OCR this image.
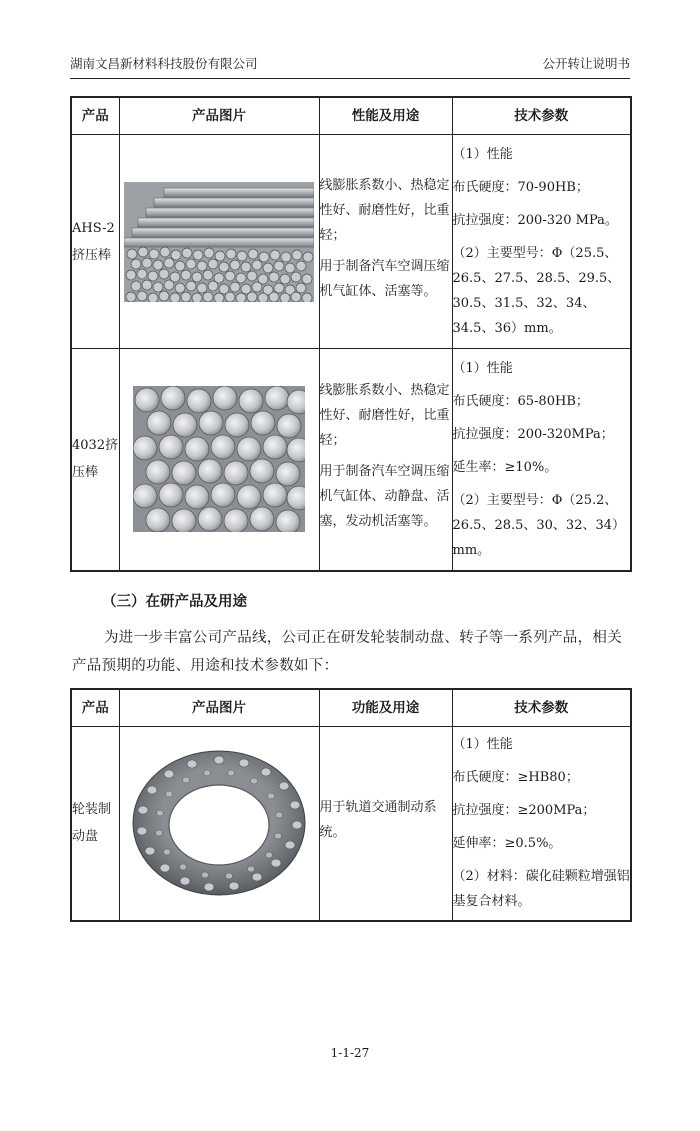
湖南文昌新材料科技股份有限公司	公开转让说明书
产品	产品图片	性能及用途	技术参数
AHS-2挤压棒		线膨胀系数小、热稳定性好、耐磨性好，比重轻；
用于制备汽车空调压缩机气缸体、活塞等。	（1）性能
布氏硬度：70-90HB；
抗拉强度：200-320 MPa。
（2）主要型号：Φ（25.5、26.5、27.5、28.5、29.5、30.5、31.5、32、34、34.5、36）mm。

4032挤压棒		线膨胀系数小、热稳定性好、耐磨性好，比重轻；
用于制备汽车空调压缩机气缸体、动静盘、活塞，发动机活塞等。	（1）性能
布氏硬度：65-80HB；
抗拉强度：200-320MPa；
延生率：≥10%。
（2）主要型号：Φ（25.2、26.5、28.5、30、32、34）mm。
（三）在研产品及用途
为进一步丰富公司产品线，公司正在研发轮装制动盘、转子等一系列产品，相关产品预期的功能、用途和技术参数如下：
产品	产品图片	功能及用途	技术参数
轮装制动盘		用于轨道交通制动系统。	（1）性能
布氏硬度：≥HB80；
抗拉强度：≥200MPa；
延伸率：≥0.5%。
（2）材料：碳化硅颗粒增强铝基复合材料。
1-1-27
